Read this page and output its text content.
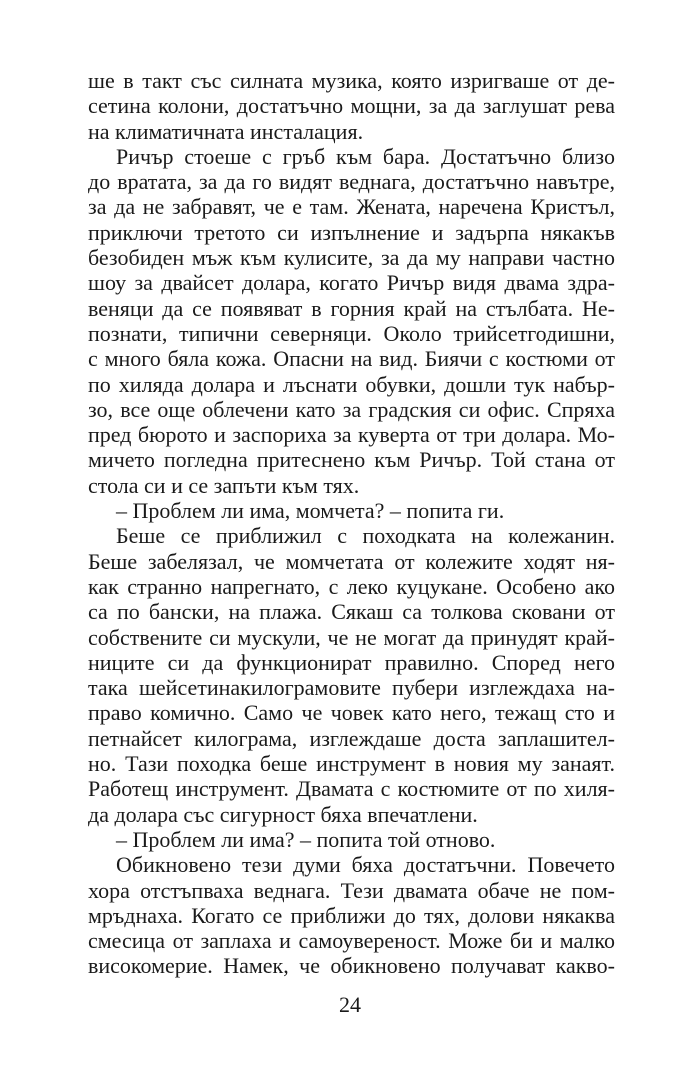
ше в такт със силната музика, която изригваше от де-
сетина колони, достатъчно мощни, за да заглушат рева
на климатичната инсталация.
Ричър стоеше с гръб към бара. Достатъчно близо
до вратата, за да го видят веднага, достатъчно навътре,
за да не забравят, че е там. Жената, наречена Кристъл,
приключи третото си изпълнение и задърпа някакъв
безобиден мъж към кулисите, за да му направи частно
шоу за двайсет долара, когато Ричър видя двама здра-
веняци да се появяват в горния край на стълбата. Не-
познати, типични северняци. Около трийсетгодишни,
с много бяла кожа. Опасни на вид. Биячи с костюми от
по хиляда долара и лъснати обувки, дошли тук набър-
зо, все още облечени като за градския си офис. Спряха
пред бюрото и заспориха за куверта от три долара. Мо-
мичето погледна притеснено към Ричър. Той стана от
стола си и се запъти към тях.
– Проблем ли има, момчета? – попита ги.
Беше се приближил с походката на колежанин.
Беше забелязал, че момчетата от колежите ходят ня-
как странно напрегнато, с леко куцукане. Особено ако
са по бански, на плажа. Сякаш са толкова сковани от
собствените си мускули, че не могат да принудят край-
ниците си да функционират правилно. Според него
така шейсетинакилограмовите пубери изглеждаха на-
право комично. Само че човек като него, тежащ сто и
петнайсет килограма, изглеждаше доста заплашител-
но. Тази походка беше инструмент в новия му занаят.
Работещ инструмент. Двамата с костюмите от по хиля-
да долара със сигурност бяха впечатлени.
– Проблем ли има? – попита той отново.
Обикновено тези думи бяха достатъчни. Повечето
хора отстъпваха веднага. Тези двамата обаче не пом-
мръднаха. Когато се приближи до тях, долови някаква
смесица от заплаха и самоувереност. Може би и малко
високомерие. Намек, че обикновено получават какво-
24
